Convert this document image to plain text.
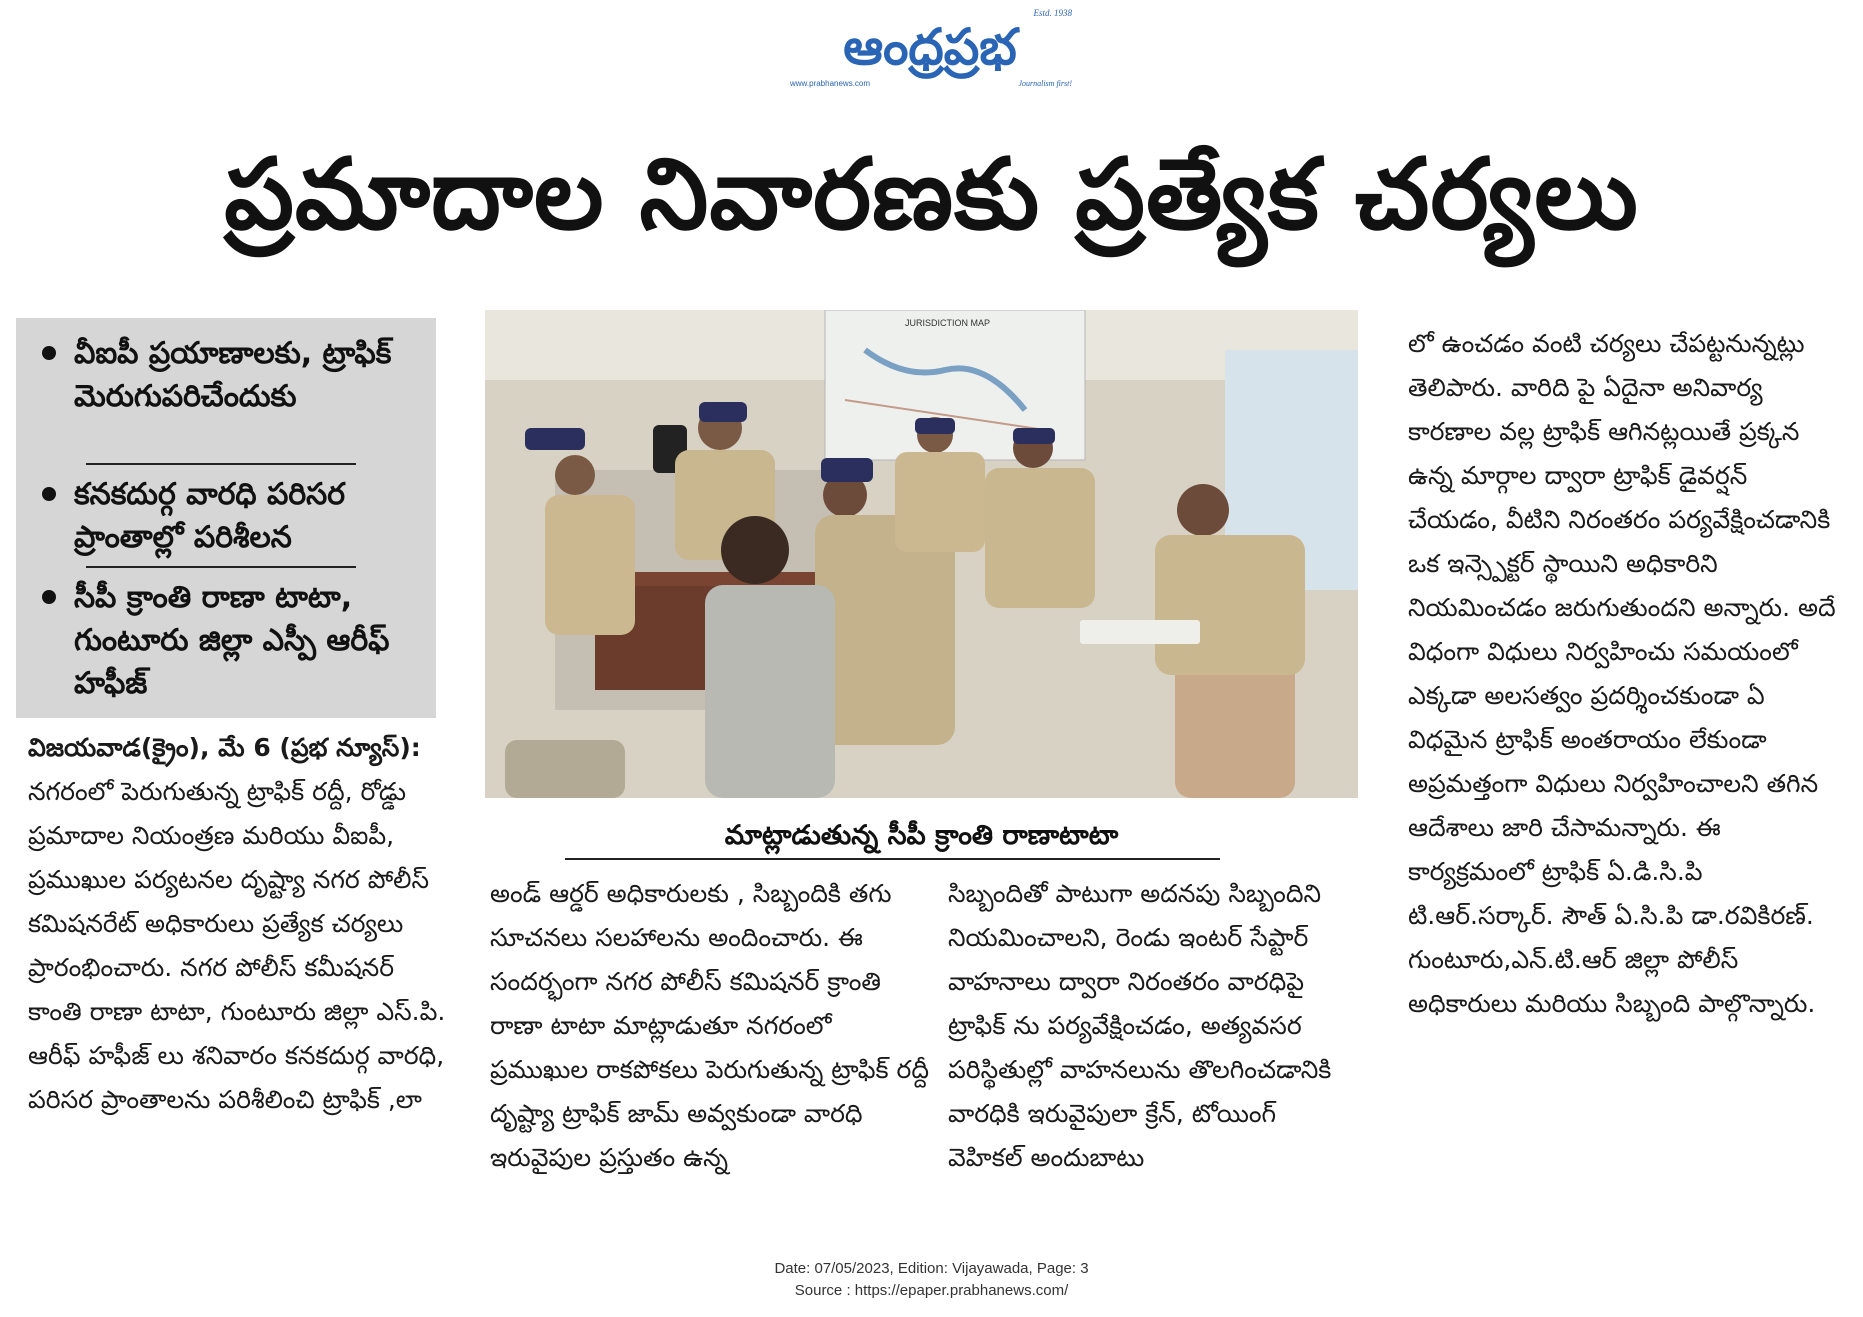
Estd. 1938
ఆంధ్రప్రభ
www.prabhanews.com	Journalism first!
ప్రమాదాల నివారణకు ప్రత్యేక చర్యలు
వీఐపీ ప్రయాణాలకు, ట్రాఫిక్ మెరుగుపరిచేందుకు
కనకదుర్గ వారధి పరిసర ప్రాంతాల్లో పరిశీలన
సీపీ క్రాంతి రాణా టాటా, గుంటూరు జిల్లా ఎస్పీ ఆరీఫ్ హఫీజ్
JURISDICTION MAP
మాట్లాడుతున్న సీపీ క్రాంతి రాణాటాటా

విజయవాడ(క్రైం), మే 6 (ప్రభ న్యూస్): నగరంలో పెరుగుతున్న ట్రాఫిక్ రద్దీ, రోడ్డు ప్రమాదాల నియంత్రణ మరియు వీఐపీ, ప్రముఖుల పర్యటనల దృష్ట్యా నగర పోలీస్ కమిషనరేట్ అధికారులు ప్రత్యేక చర్యలు ప్రారంభించారు. నగర పోలీస్ కమీషనర్ కాంతి రాణా టాటా, గుంటూరు జిల్లా ఎస్.పి. ఆరీఫ్ హఫీజ్ లు శనివారం కనకదుర్గ వారధి, పరిసర ప్రాంతాలను పరిశీలించి ట్రాఫిక్ ,లా

అండ్ ఆర్డర్ అధికారులకు , సిబ్బందికి తగు సూచనలు సలహాలను అందించారు. ఈ సందర్భంగా నగర పోలీస్ కమిషనర్ క్రాంతి రాణా టాటా మాట్లాడుతూ నగరంలో ప్రముఖుల రాకపోకలు పెరుగుతున్న ట్రాఫిక్ రద్దీ దృష్ట్యా ట్రాఫిక్ జామ్ అవ్వకుండా వారధి ఇరువైపుల ప్రస్తుతం ఉన్న

సిబ్బందితో పాటుగా అదనపు సిబ్బందిని నియమించాలని, రెండు ఇంటర్ సేప్టార్ వాహనాలు ద్వారా నిరంతరం వారధిపై ట్రాఫిక్ ను పర్యవేక్షించడం, అత్యవసర పరిస్థితుల్లో వాహనలును తొలగించడానికి వారధికి ఇరువైపులా క్రేన్, టోయింగ్ వెహికల్ అందుబాటు

లో ఉంచడం వంటి చర్యలు చేపట్టనున్నట్లు తెలిపారు. వారిది పై ఏదైనా అనివార్య కారణాల వల్ల ట్రాఫిక్ ఆగినట్లయితే ప్రక్కన ఉన్న మార్గాల ద్వారా ట్రాఫిక్ డైవర్షన్ చేయడం, వీటిని నిరంతరం పర్యవేక్షించడానికి ఒక ఇన్స్పెక్టర్ స్థాయిని అధికారిని నియమించడం జరుగుతుందని అన్నారు. అదే విధంగా విధులు నిర్వహించు సమయంలో ఎక్కడా అలసత్వం ప్రదర్శించకుండా ఏ విధమైన ట్రాఫిక్ అంతరాయం లేకుండా అప్రమత్తంగా విధులు నిర్వహించాలని తగిన ఆదేశాలు జారి చేసామన్నారు. ఈ కార్యక్రమంలో ట్రాఫిక్ ఏ.డి.సి.పి టి.ఆర్.సర్కార్. సౌత్ ఏ.సి.పి డా.రవికిరణ్. గుంటూరు,ఎన్.టి.ఆర్ జిల్లా పోలీస్ అధికారులు మరియు సిబ్బంది పాల్గొన్నారు.

Date: 07/05/2023, Edition: Vijayawada, Page: 3
Source : https://epaper.prabhanews.com/
